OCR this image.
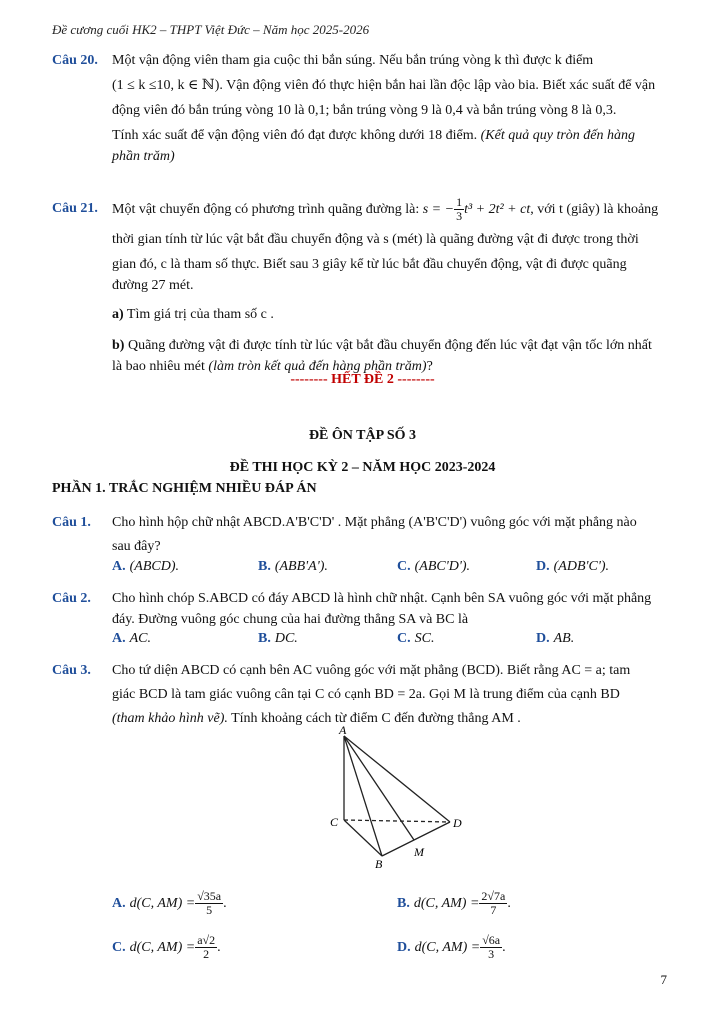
Đề cương cuối HK2 – THPT Việt Đức – Năm học 2025-2026
Câu 20. Một vận động viên tham gia cuộc thi bắn súng. Nếu bắn trúng vòng k thì được k điểm
(1 ≤ k ≤10, k ∈ ℕ). Vận động viên đó thực hiện bắn hai lần độc lập vào bia. Biết xác suất để vận
động viên đó bắn trúng vòng 10 là 0,1; bắn trúng vòng 9 là 0,4 và bắn trúng vòng 8 là 0,3.
Tính xác suất để vận động viên đó đạt được không dưới 18 điểm. (Kết quả quy tròn đến hàng
phần trăm)
Câu 21. Một vật chuyển động có phương trình quãng đường là: s = − $\frac{1}{3} t^3 + 2t^2$ + ct, với t (giây) là khoảng
thời gian tính từ lúc vật bắt đầu chuyển động và s (mét) là quãng đường vật đi được trong thời
gian đó, c là tham số thực. Biết sau 3 giây kể từ lúc bắt đầu chuyển động, vật đi được quãng
đường 27 mét.
a) Tìm giá trị của tham số c .
b) Quãng đường vật đi được tính từ lúc vật bắt đầu chuyển động đến lúc vật đạt vận tốc lớn nhất
là bao nhiêu mét (làm tròn kết quả đến hàng phần trăm)?
-------- HẾT ĐỀ 2 --------
ĐỀ ÔN TẬP SỐ 3
ĐỀ THI HỌC KỲ 2 – NĂM HỌC 2023-2024
PHẦN 1. TRẮC NGHIỆM NHIỀU ĐÁP ÁN
Câu 1. Cho hình hộp chữ nhật ABCD.A'B'C'D' . Mặt phẳng (A'B'C'D') vuông góc với mặt phẳng nào
sau đây?
A. (ABCD).	B. (ABB'A').	C. (ABC'D').	D. (ADB'C').
Câu 2. Cho hình chóp S.ABCD có đáy ABCD là hình chữ nhật. Cạnh bên SA vuông góc với mặt phẳng
đáy. Đường vuông góc chung của hai đường thẳng SA và BC là
A. AC.	B. DC.	C. SC.	D. AB.
Câu 3. Cho tứ diện ABCD có cạnh bên AC vuông góc với mặt phẳng (BCD). Biết rằng AC = a; tam
giác BCD là tam giác vuông cân tại C có cạnh BD = 2a. Gọi M là trung điểm của cạnh BD
(tham khảo hình vẽ). Tính khoảng cách từ điểm C đến đường thẳng AM .
A
C	D
B
M
A. d(C, $AM) = \frac{√35a}{5}$ .	B. d(C, $AM) = \frac{2√7a}{7}$ .
C. d(C, $AM) = \frac{a√2}{2}$ .	D. d(C, $AM) = \frac{√6a}{3}$ .
7
